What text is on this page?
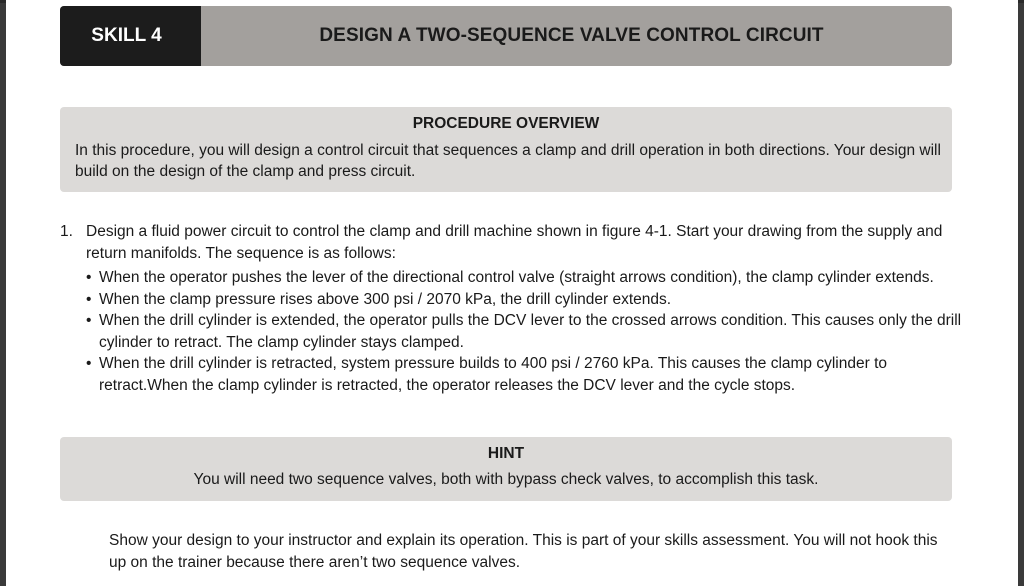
SKILL 4	DESIGN A TWO-SEQUENCE VALVE CONTROL CIRCUIT
PROCEDURE OVERVIEW
In this procedure, you will design a control circuit that sequences a clamp and drill operation in both directions. Your design will build on the design of the clamp and press circuit.
1. Design a fluid power circuit to control the clamp and drill machine shown in figure 4-1. Start your drawing from the supply and return manifolds. The sequence is as follows:
• When the operator pushes the lever of the directional control valve (straight arrows condition), the clamp cylinder extends.
• When the clamp pressure rises above 300 psi / 2070 kPa, the drill cylinder extends.
• When the drill cylinder is extended, the operator pulls the DCV lever to the crossed arrows condition. This causes only the drill cylinder to retract. The clamp cylinder stays clamped.
• When the drill cylinder is retracted, system pressure builds to 400 psi / 2760 kPa. This causes the clamp cylinder to retract.When the clamp cylinder is retracted, the operator releases the DCV lever and the cycle stops.
HINT
You will need two sequence valves, both with bypass check valves, to accomplish this task.
Show your design to your instructor and explain its operation. This is part of your skills assessment. You will not hook this up on the trainer because there aren’t two sequence valves.
